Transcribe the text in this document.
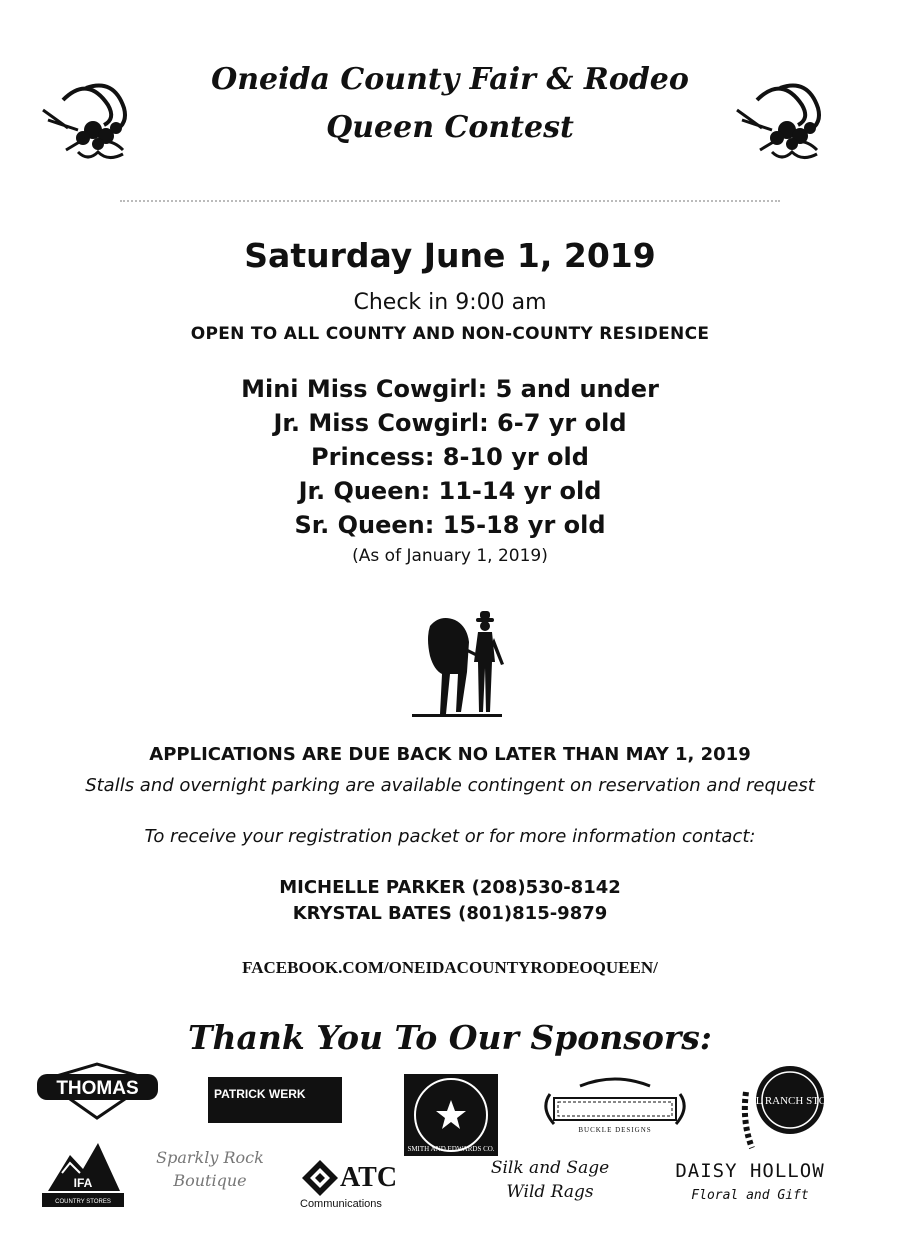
Oneida County Fair & Rodeo
Queen Contest
Saturday June 1, 2019
Check in 9:00 am
OPEN TO ALL COUNTY AND NON-COUNTY RESIDENCE
Mini Miss Cowgirl: 5 and under
Jr. Miss Cowgirl: 6-7 yr old
Princess: 8-10 yr old
Jr. Queen: 11-14 yr old
Sr. Queen: 15-18 yr old
(As of January 1, 2019)
APPLICATIONS ARE DUE BACK NO LATER THAN MAY 1, 2019
Stalls and overnight parking are available contingent on reservation and request
To receive your registration packet or for more information contact:
MICHELLE PARKER (208)530-8142
KRYSTAL BATES (801)815-9879
FACEBOOK.COM/ONEIDACOUNTYRODEOQUEEN/
Thank You To Our Sponsors:
THOMAS	PATRICK WERK
SMITH AND EDWARDS CO.
BUCKLE DESIGNS
C-A-L RANCH STORES
IFA
COUNTRY STORES
Sparkly Rock
Boutique	ATC
Communications
Silk and Sage
Wild Rags
DAISY HOLLOW
Floral and Gift
